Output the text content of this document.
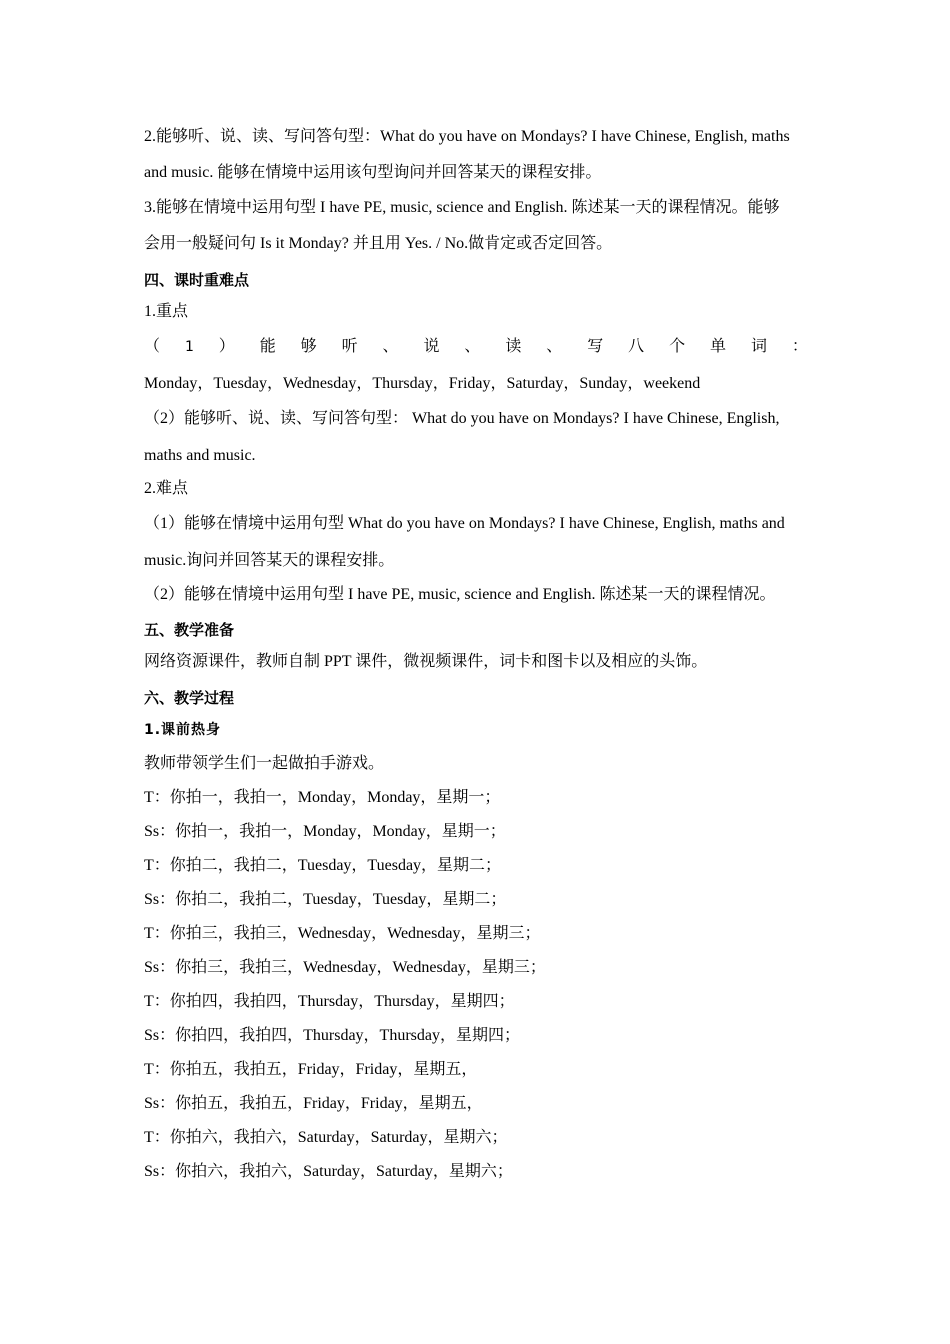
2.能够听、说、读、写问答句型：What do you have on Mondays? I have Chinese, English, maths
and music. 能够在情境中运用该句型询问并回答某天的课程安排。
3.能够在情境中运用句型 I have PE, music, science and English. 陈述某一天的课程情况。能够
会用一般疑问句 Is it Monday? 并且用 Yes. / No.做肯定或否定回答。
四、课时重难点
1.重点
（ 1 ） 能 够 听 、 说 、 读 、 写 八 个 单 词 ：
Monday，Tuesday，Wednesday，Thursday，Friday，Saturday，Sunday，weekend
（2）能够听、说、读、写问答句型： What do you have on Mondays? I have Chinese, English,
maths and music.
2.难点
（1）能够在情境中运用句型 What do you have on Mondays? I have Chinese, English, maths and
music.询问并回答某天的课程安排。
（2）能够在情境中运用句型 I have PE, music, science and English. 陈述某一天的课程情况。
五、教学准备
网络资源课件，教师自制 PPT 课件，微视频课件，词卡和图卡以及相应的头饰。
六、教学过程
1.课前热身
教师带领学生们一起做拍手游戏。
T：你拍一，我拍一，Monday，Monday，星期一；
Ss：你拍一，我拍一，Monday，Monday，星期一；
T：你拍二，我拍二，Tuesday，Tuesday，星期二；
Ss：你拍二，我拍二，Tuesday，Tuesday，星期二；
T：你拍三，我拍三，Wednesday，Wednesday，星期三；
Ss：你拍三，我拍三，Wednesday，Wednesday，星期三；
T：你拍四，我拍四，Thursday，Thursday，星期四；
Ss：你拍四，我拍四，Thursday，Thursday，星期四；
T：你拍五，我拍五，Friday，Friday，星期五，
Ss：你拍五，我拍五，Friday，Friday，星期五，
T：你拍六，我拍六，Saturday，Saturday，星期六；
Ss：你拍六，我拍六，Saturday，Saturday，星期六；
